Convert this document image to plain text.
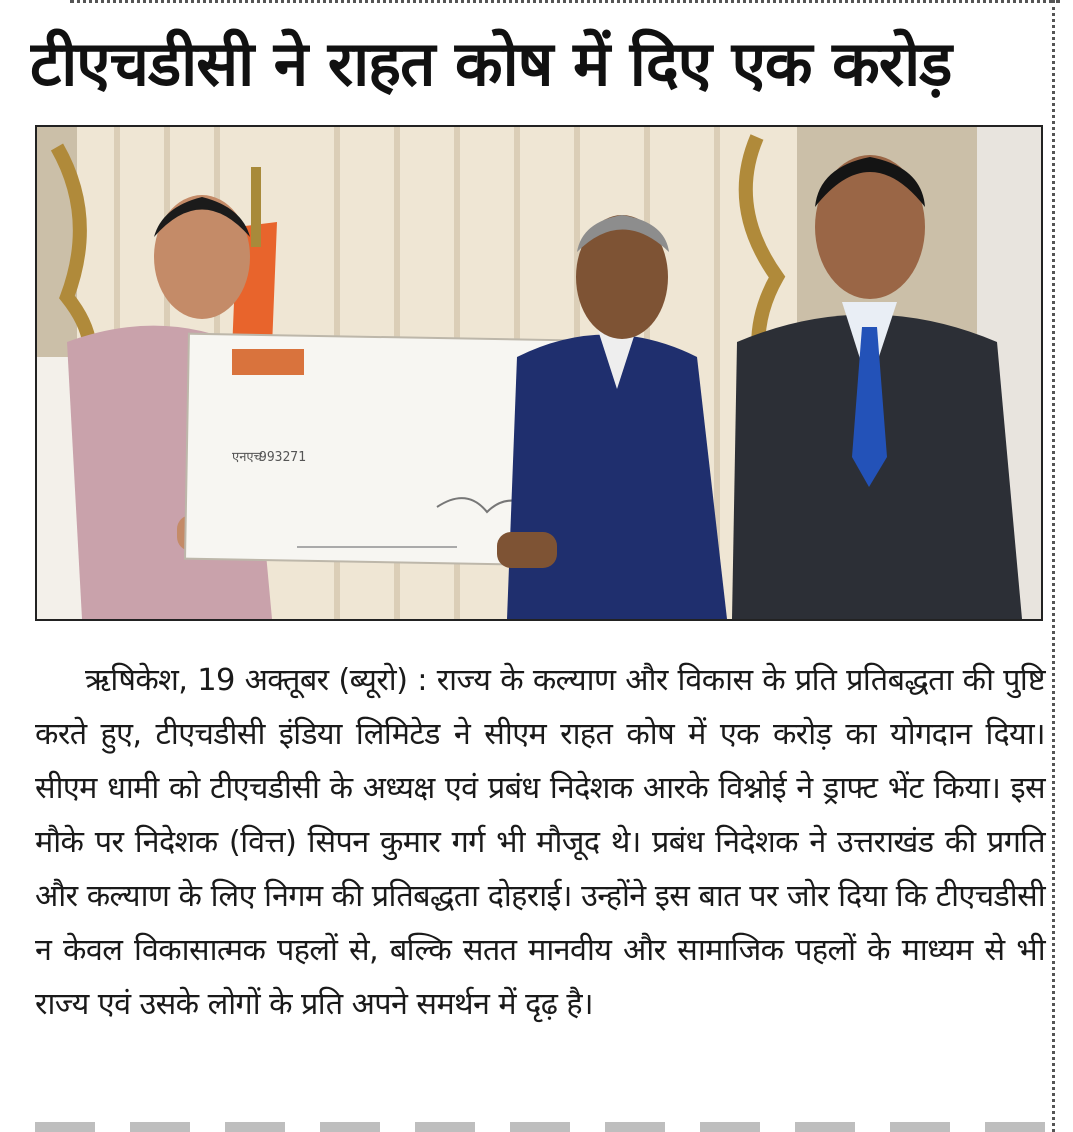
टीएचडीसी ने राहत कोष में दिए एक करोड़
एनएच
993271

ऋषिकेश, 19 अक्तूबर (ब्यूरो) : राज्य के कल्याण और विकास के प्रति प्रतिबद्धता की पुष्टि करते हुए, टीएचडीसी इंडिया लिमिटेड ने सीएम राहत कोष में एक करोड़ का योगदान दिया। सीएम धामी को टीएचडीसी के अध्यक्ष एवं प्रबंध निदेशक आरके विश्नोई ने ड्राफ्ट भेंट किया। इस मौके पर निदेशक (वित्त) सिपन कुमार गर्ग भी मौजूद थे। प्रबंध निदेशक ने उत्तराखंड की प्रगति और कल्याण के लिए निगम की प्रतिबद्धता दोहराई। उन्होंने इस बात पर जोर दिया कि टीएचडीसी न केवल विकासात्मक पहलों से, बल्कि सतत मानवीय और सामाजिक पहलों के माध्यम से भी राज्य एवं उसके लोगों के प्रति अपने समर्थन में दृढ़ है।
